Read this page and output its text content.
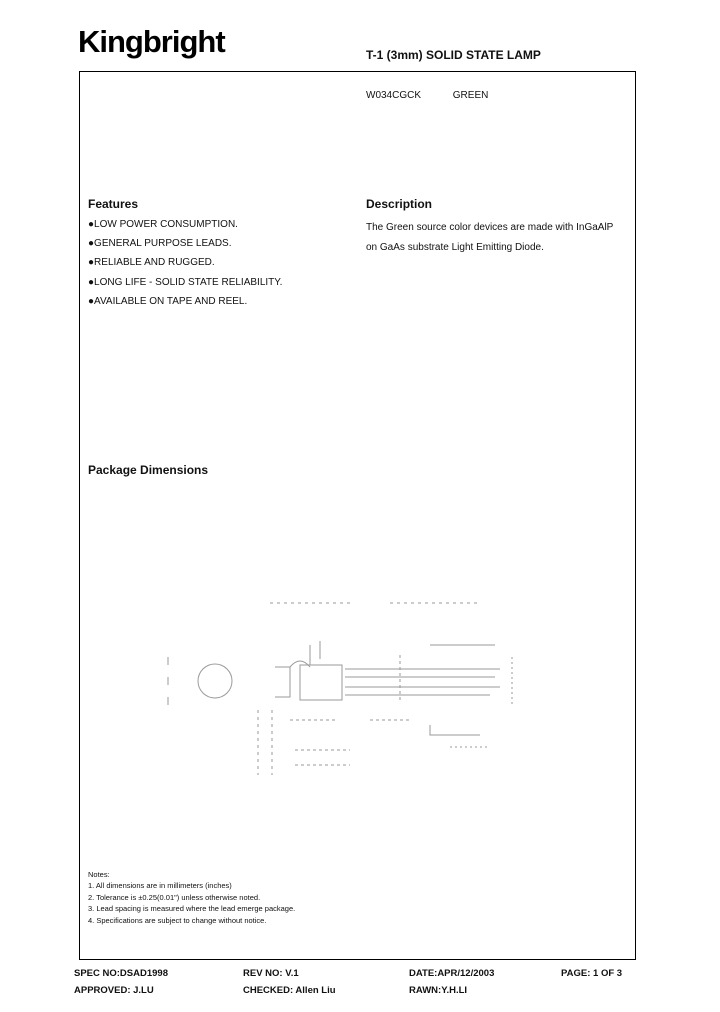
Kingbright	T-1 (3mm) SOLID STATE LAMP
W034CGCK	GREEN
Features
●LOW POWER CONSUMPTION.
●GENERAL PURPOSE LEADS.
●RELIABLE AND RUGGED.
●LONG LIFE - SOLID STATE RELIABILITY.
●AVAILABLE ON TAPE AND REEL.
Description
The Green source color devices are made with InGaAlP
on GaAs substrate Light Emitting Diode.
Package Dimensions
Notes:
1. All dimensions are in millimeters (inches)
2. Tolerance is ±0.25(0.01") unless otherwise noted.
3. Lead spacing is measured where the lead emerge package.
4. Specifications are subject to change without notice.
SPEC NO:DSAD1998	REV NO: V.1	DATE:APR/12/2003	PAGE: 1 OF 3
APPROVED: J.LU	CHECKED: Allen Liu	RAWN:Y.H.LI
